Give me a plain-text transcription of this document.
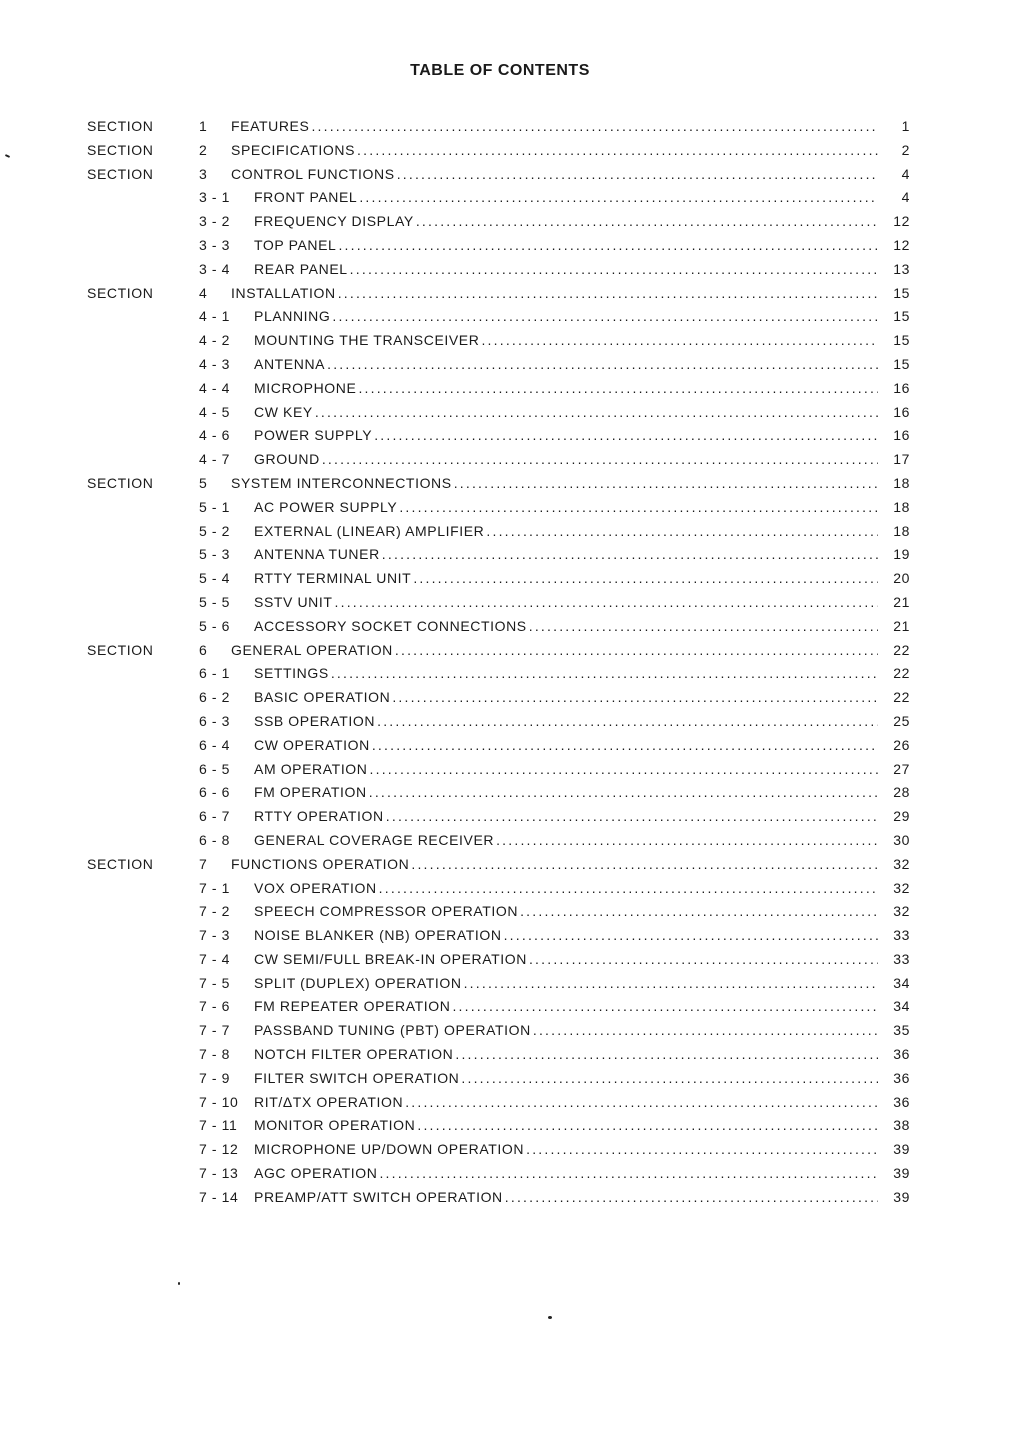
TABLE OF CONTENTS
SECTION	1 FEATURES .....	1
SECTION	2 SPECIFICATIONS .....	2
SECTION	3 CONTROL FUNCTIONS .....	4
3 - 1 FRONT PANEL .....	4
3 - 2 FREQUENCY DISPLAY .....	12
3 - 3 TOP PANEL .....	12
3 - 4 REAR PANEL .....	13
SECTION	4 INSTALLATION .....	15
4 - 1 PLANNING .....	15
4 - 2 MOUNTING THE TRANSCEIVER .....	15
4 - 3 ANTENNA .....	15
4 - 4 MICROPHONE .....	16
4 - 5 CW KEY .....	16
4 - 6 POWER SUPPLY .....	16
4 - 7 GROUND .....	17
SECTION	5 SYSTEM INTERCONNECTIONS .....	18
5 - 1 AC POWER SUPPLY .....	18
5 - 2 EXTERNAL (LINEAR) AMPLIFIER .....	18
5 - 3 ANTENNA TUNER .....	19
5 - 4 RTTY TERMINAL UNIT .....	20
5 - 5 SSTV UNIT .....	21
5 - 6 ACCESSORY SOCKET CONNECTIONS .....	21
SECTION	6 GENERAL OPERATION .....	22
6 - 1 SETTINGS .....	22
6 - 2 BASIC OPERATION .....	22
6 - 3 SSB OPERATION .....	25
6 - 4 CW OPERATION .....	26
6 - 5 AM OPERATION .....	27
6 - 6 FM OPERATION .....	28
6 - 7 RTTY OPERATION .....	29
6 - 8 GENERAL COVERAGE RECEIVER .....	30
SECTION	7 FUNCTIONS OPERATION .....	32
7 - 1 VOX OPERATION .....	32
7 - 2 SPEECH COMPRESSOR OPERATION .....	32
7 - 3 NOISE BLANKER (NB) OPERATION .....	33
7 - 4 CW SEMI/FULL BREAK-IN OPERATION .....	33
7 - 5 SPLIT (DUPLEX) OPERATION .....	34
7 - 6 FM REPEATER OPERATION .....	34
7 - 7 PASSBAND TUNING (PBT) OPERATION .....	35
7 - 8 NOTCH FILTER OPERATION .....	36
7 - 9 FILTER SWITCH OPERATION .....	36
7 - 10 RIT/ΔTX OPERATION .....	36
7 - 11 MONITOR OPERATION .....	38
7 - 12 MICROPHONE UP/DOWN OPERATION .....	39
7 - 13 AGC OPERATION .....	39
7 - 14 PREAMP/ATT SWITCH OPERATION .....	39
